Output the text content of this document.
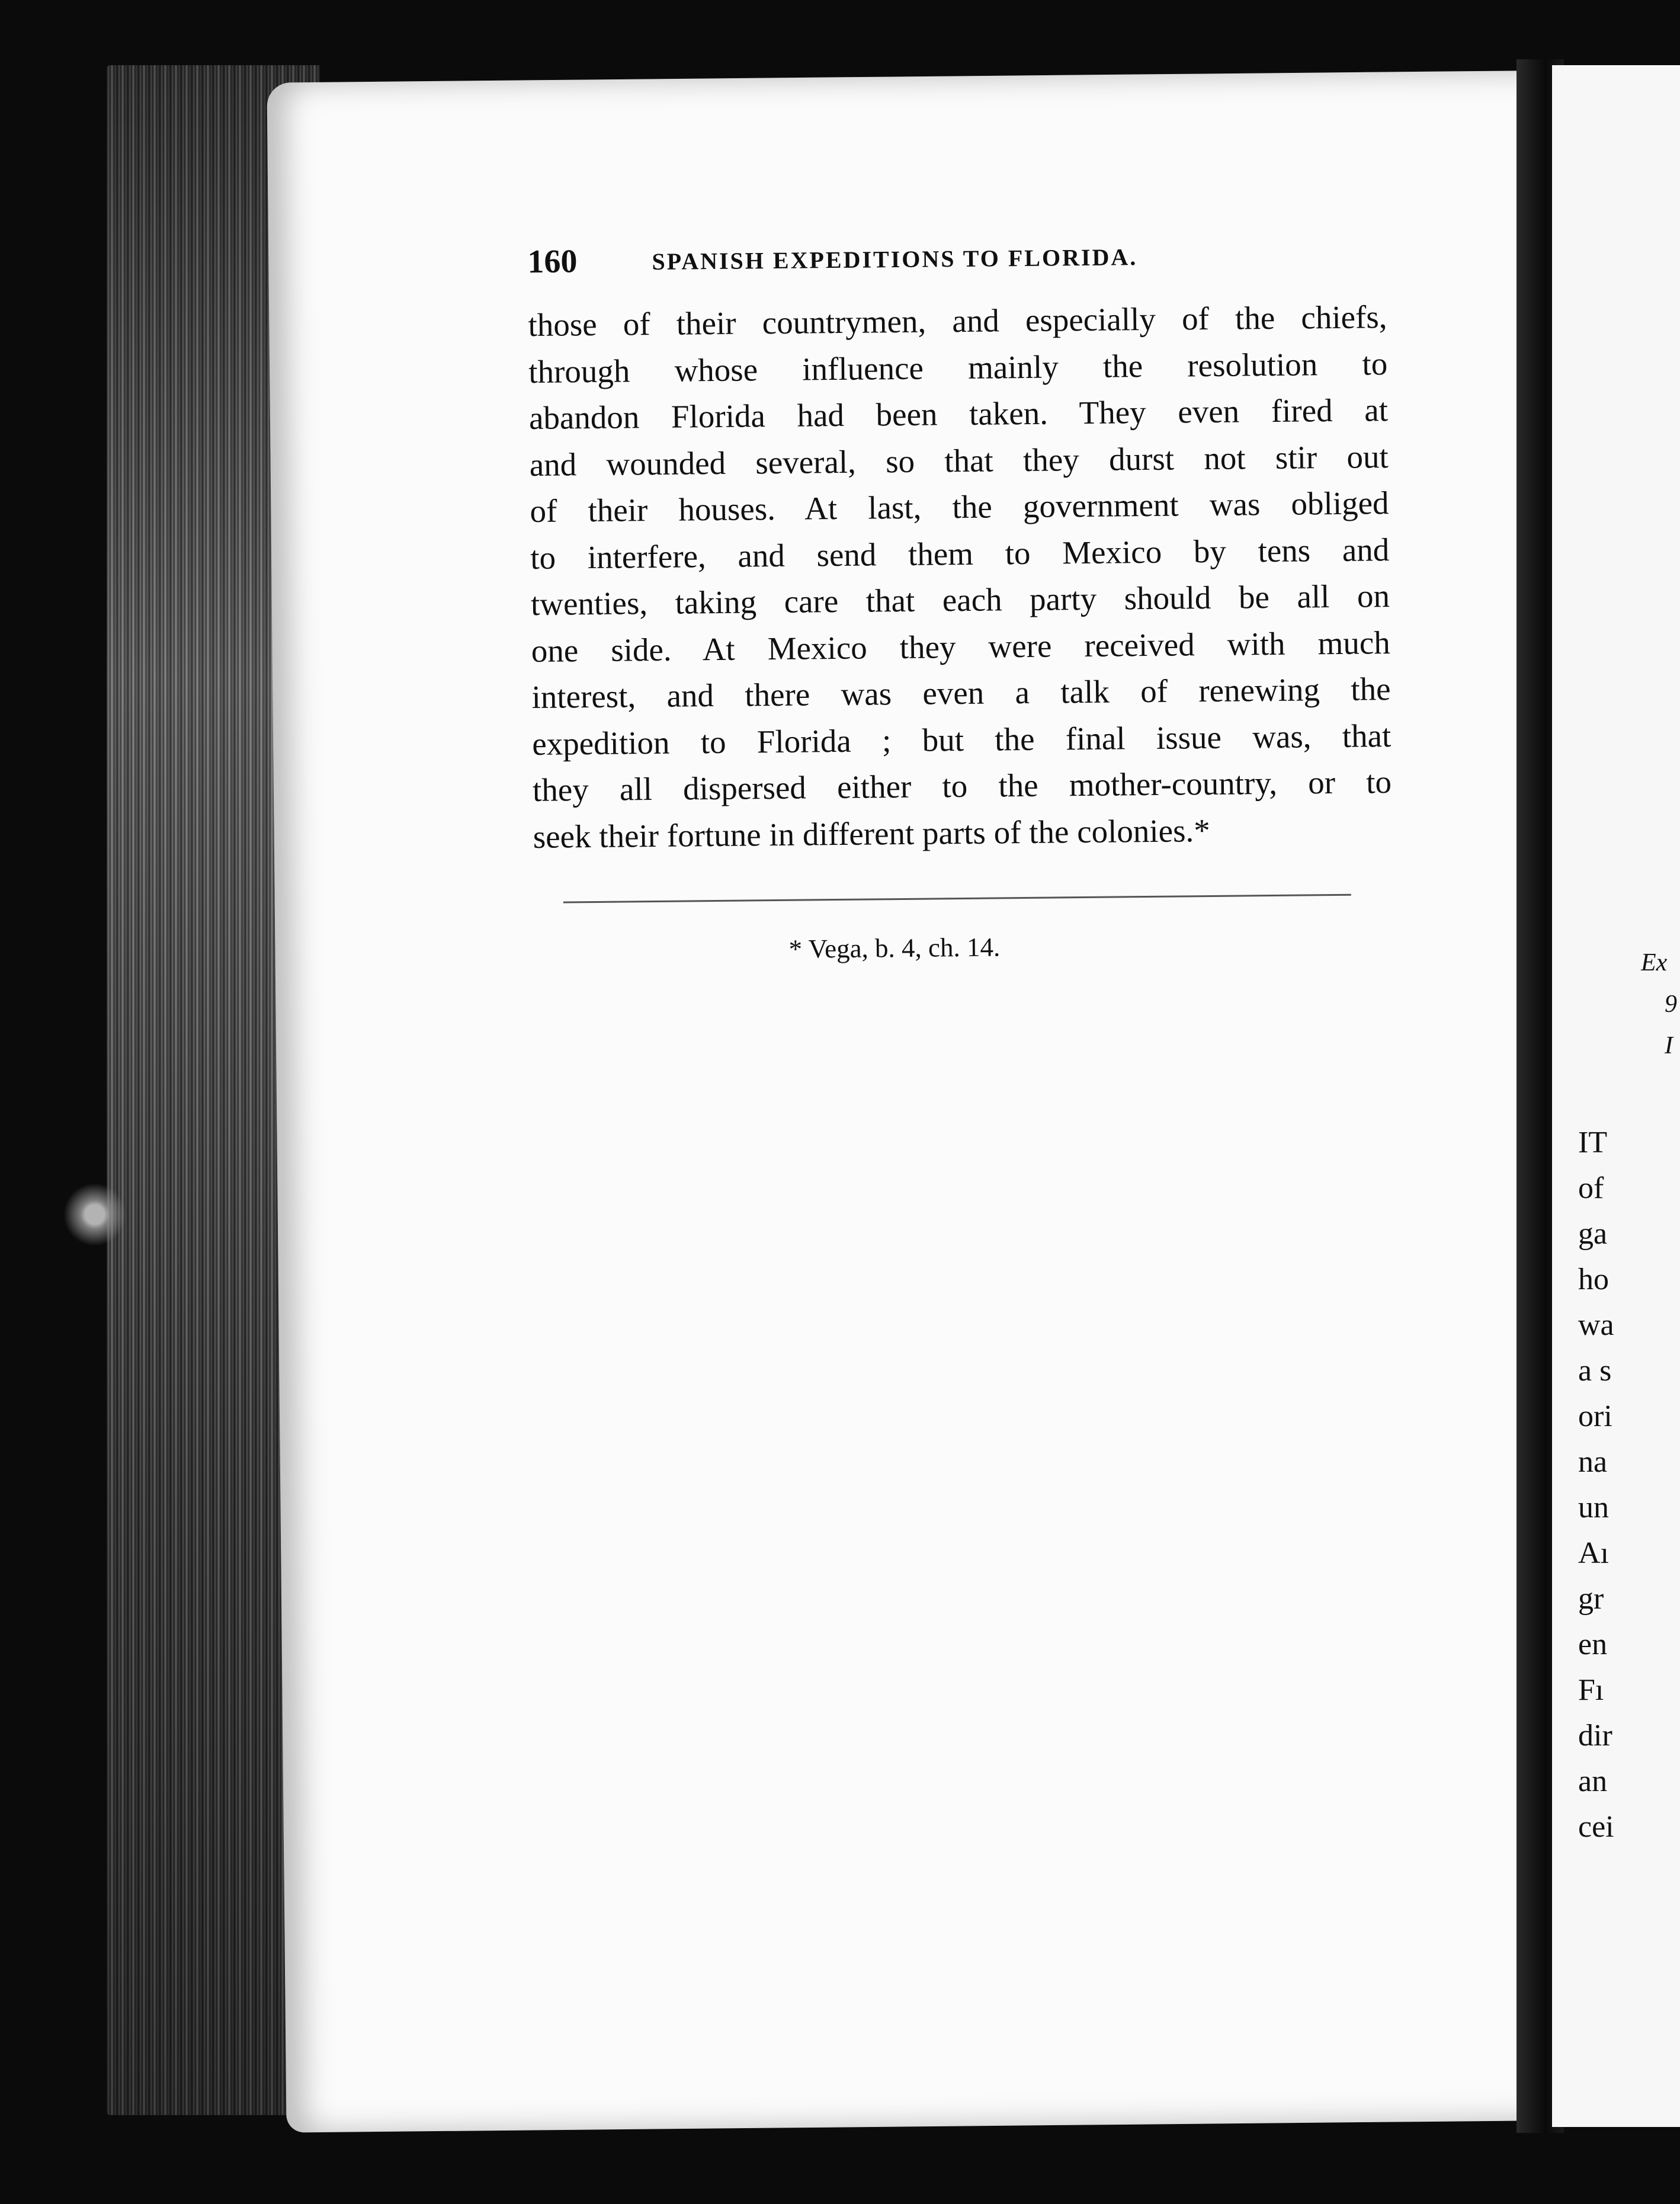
Ex
9
I
IT
of
ga
ho
wa
a s
ori
na
un
Aı
gr
en
Fı
dir
an
cei
160	SPANISH EXPEDITIONS TO FLORIDA.
those of their countrymen, and especially of the chiefs,
through whose influence mainly the resolution to
abandon Florida had been taken. They even fired at
and wounded several, so that they durst not stir out
of their houses. At last, the government was obliged
to interfere, and send them to Mexico by tens and
twenties, taking care that each party should be all on
one side. At Mexico they were received with much
interest, and there was even a talk of renewing the
expedition to Florida ; but the final issue was, that
they all dispersed either to the mother-country, or to
seek their fortune in different parts of the colonies.*
* Vega, b. 4, ch. 14.
